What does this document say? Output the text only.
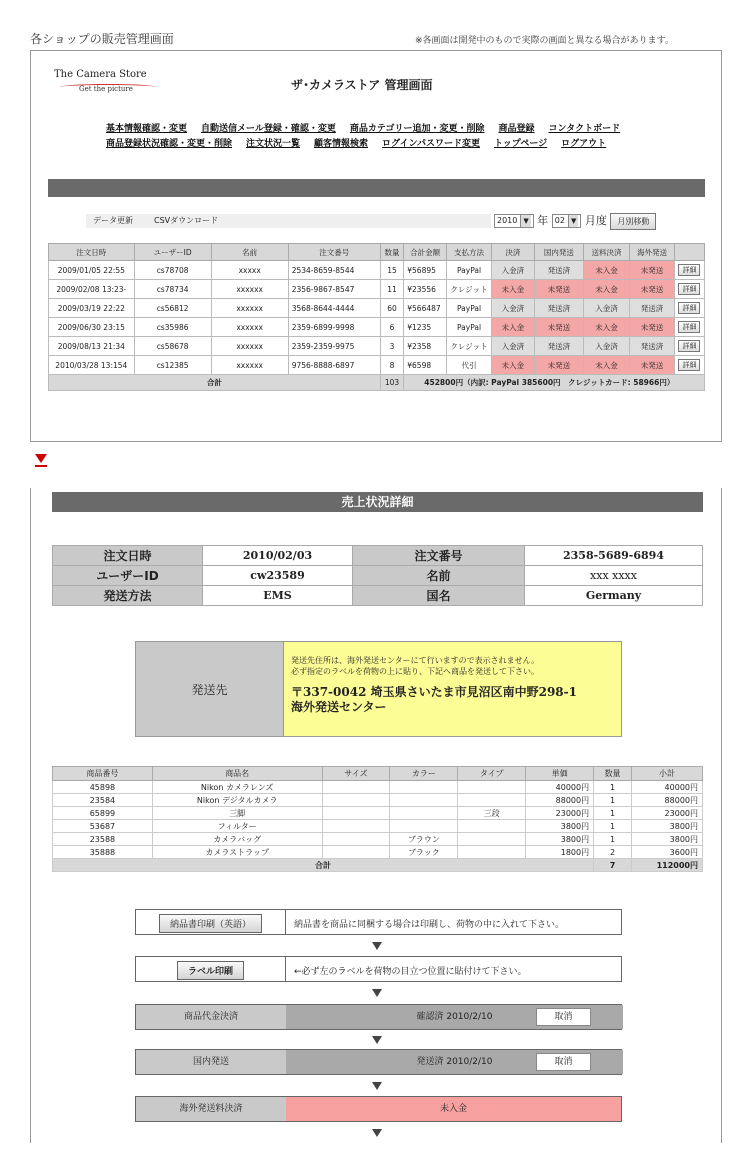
各ショップの販売管理画面	※各画面は開発中のもので実際の画面と異なる場合があります。
The Camera Store
Get the picture	ザ･カメラストア 管理画面
基本情報確認・変更 自動送信メール登録・確認・変更 商品カテゴリー追加・変更・削除 商品登録 コンタクトボード
商品登録状況確認・変更・削除 注文状況一覧 顧客情報検索 ログインパスワード変更 トップページ ログアウト
データ更新	CSVダウンロード	2010 ▼ 年 02 ▼ 月度 月別移動
注文日時	ユーザーID	名前	注文番号	数量	合計金額	支払方法	決済	国内発送	送料決済	海外発送	
2009/01/05 22:55	cs78708	xxxxx	2534-8659-8544	15	¥56895	PayPal	入金済	発送済	未入金	未発送	詳細
2009/02/08 13:23-	cs78734	xxxxxx	2356-9867-8547	11	¥23556	クレジット	未入金	未発送	未入金	未発送	詳細
2009/03/19 22:22	cs56812	xxxxxx	3568-8644-4444	60	¥566487	PayPal	入金済	発送済	入金済	発送済	詳細
2009/06/30 23:15	cs35986	xxxxxx	2359-6899-9998	6	¥1235	PayPal	未入金	未発送	未入金	未発送	詳細
2009/08/13 21:34	cs58678	xxxxxx	2359-2359-9975	3	¥2358	クレジット	入金済	発送済	入金済	発送済	詳細
2010/03/28 13:154	cs12385	xxxxxx	9756-8888-6897	8	¥6598	代引	未入金	未発送	未入金	未発送	詳細
合計				103	452800円（内訳: PayPal 385600円　クレジットカード: 58966円）						
売上状況詳細
注文日時	2010/02/03	注文番号	2358-5689-6894
ユーザーID	cw23589	名前	xxx xxxx
発送方法	EMS	国名	Germany
発送先
発送先住所は、海外発送センターにて行いますので表示されません。
必ず指定のラベルを荷物の上に貼り、下記へ商品を発送して下さい。
〒337-0042 埼玉県さいたま市見沼区南中野298-1
海外発送センター
商品番号	商品名	サイズ	カラー	タイプ	単価	数量	小計
45898	Nikon カメラレンズ				40000円	1	40000円
23584	Nikon デジタルカメラ				88000円	1	88000円
65899	三脚			三段	23000円	1	23000円
53687	フィルター				3800円	1	3800円
23588	カメラバッグ		ブラウン		3800円	1	3800円
35888	カメラストラップ		ブラック		1800円	2	3600円
合計						7	112000円
納品書印刷（英語）	納品書を商品に同梱する場合は印刷し、荷物の中に入れて下さい。
ラベル印刷	←必ず左のラベルを荷物の目立つ位置に貼付けて下さい。
商品代金決済	確認済 2010/2/10	取消
国内発送	発送済 2010/2/10	取消
海外発送料決済	未入金
